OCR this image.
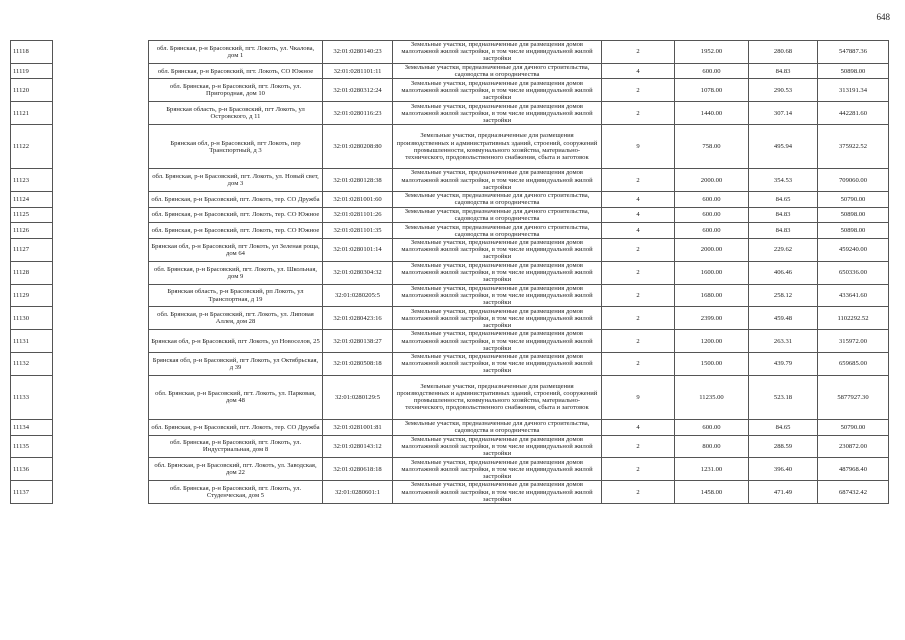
648
11118		обл. Брянская, р-н Брасовский, пгт. Локоть, ул. Чкалова, дом 1	32:01:0280140:23	Земельные участки, предназначенные для размещения домов малоэтажной жилой застройки, в том числе индивидуальной жилой застройки	2	1952.00	280.68	547887.36
11119		обл. Брянская, р-н Брасовский, пгт. Локоть, СО Южное	32:01:0281101:11	Земельные участки, предназначенные для дачного строительства, садоводства и огородничества	4	600.00	84.83	50898.00
11120		обл. Брянская, р-н Брасовский, пгт. Локоть, ул. Пригородная, дом 10	32:01:0280312:24	Земельные участки, предназначенные для размещения домов малоэтажной жилой застройки, в том числе индивидуальной жилой застройки	2	1078.00	290.53	313191.34
11121		Брянская область, р-н Брасовский, пгт Локоть, ул Островского, д 11	32:01:0280116:23	Земельные участки, предназначенные для размещения домов малоэтажной жилой застройки, в том числе индивидуальной жилой застройки	2	1440.00	307.14	442281.60
11122		Брянская обл, р-н Брасовский, пгт Локоть, пер Транспортный, д 3	32:01:0280208:80	Земельные участки, предназначенные для размещения производственных и административных зданий, строений, сооружений промышленности, коммунального хозяйства, материально-технического, продовольственного снабжения, сбыта и заготовок	9	758.00	495.94	375922.52
11123		обл. Брянская, р-н Брасовский, пгт. Локоть, ул. Новый свет, дом 3	32:01:0280128:38	Земельные участки, предназначенные для размещения домов малоэтажной жилой застройки, в том числе индивидуальной жилой застройки	2	2000.00	354.53	709060.00
11124		обл. Брянская, р-н Брасовский, пгт. Локоть, тер. СО Дружба	32:01:0281001:60	Земельные участки, предназначенные для дачного строительства, садоводства и огородничества	4	600.00	84.65	50790.00
11125		обл. Брянская, р-н Брасовский, пгт. Локоть, тер. СО Южное	32:01:0281101:26	Земельные участки, предназначенные для дачного строительства, садоводства и огородничества	4	600.00	84.83	50898.00
11126		обл. Брянская, р-н Брасовский, пгт. Локоть, тер. СО Южное	32:01:0281101:35	Земельные участки, предназначенные для дачного строительства, садоводства и огородничества	4	600.00	84.83	50898.00
11127		Брянская обл, р-н Брасовский, пгт Локоть, ул Зеленая роща, дом 64	32:01:0280101:14	Земельные участки, предназначенные для размещения домов малоэтажной жилой застройки, в том числе индивидуальной жилой застройки	2	2000.00	229.62	459240.00
11128		обл. Брянская, р-н Брасовский, пгт. Локоть, ул. Школьная, дом 9	32:01:0280304:32	Земельные участки, предназначенные для размещения домов малоэтажной жилой застройки, в том числе индивидуальной жилой застройки	2	1600.00	406.46	650336.00
11129		Брянская область, р-н Брасовский, рп Локоть, ул Транспортная, д 19	32:01:0280205:5	Земельные участки, предназначенные для размещения домов малоэтажной жилой застройки, в том числе индивидуальной жилой застройки	2	1680.00	258.12	433641.60
11130		обл. Брянская, р-н Брасовский, пгт. Локоть, ул. Липовая Аллея, дом 28	32:01:0280423:16	Земельные участки, предназначенные для размещения домов малоэтажной жилой застройки, в том числе индивидуальной жилой застройки	2	2399.00	459.48	1102292.52
11131		Брянская обл, р-н Брасовский, пгт Локоть, ул Новоселов, 25	32:01:0280138:27	Земельные участки, предназначенные для размещения домов малоэтажной жилой застройки, в том числе индивидуальной жилой застройки	2	1200.00	263.31	315972.00
11132		Брянская обл, р-н Брасовский, пгт Локоть, ул Октябрьская, д 39	32:01:0280508:18	Земельные участки, предназначенные для размещения домов малоэтажной жилой застройки, в том числе индивидуальной жилой застройки	2	1500.00	439.79	659685.00
11133		обл. Брянская, р-н Брасовский, пгт. Локоть, ул. Парковая, дом 48	32:01:0280129:5	Земельные участки, предназначенные для размещения производственных и административных зданий, строений, сооружений промышленности, коммунального хозяйства, материально-технического, продовольственного снабжения, сбыта и заготовок	9	11235.00	523.18	5877927.30
11134		обл. Брянская, р-н Брасовский, пгт. Локоть, тер. СО Дружба	32:01:0281001:81	Земельные участки, предназначенные для дачного строительства, садоводства и огородничества	4	600.00	84.65	50790.00
11135		обл. Брянская, р-н Брасовский, пгт. Локоть, ул. Индустриальная, дом 8	32:01:0280143:12	Земельные участки, предназначенные для размещения домов малоэтажной жилой застройки, в том числе индивидуальной жилой застройки	2	800.00	288.59	230872.00
11136		обл. Брянская, р-н Брасовский, пгт. Локоть, ул. Заводская, дом 22	32:01:0280618:18	Земельные участки, предназначенные для размещения домов малоэтажной жилой застройки, в том числе индивидуальной жилой застройки	2	1231.00	396.40	487968.40
11137		обл. Брянская, р-н Брасовский, пгт. Локоть, ул. Студенческая, дом 5	32:01:0280601:1	Земельные участки, предназначенные для размещения домов малоэтажной жилой застройки, в том числе индивидуальной жилой застройки	2	1458.00	471.49	687432.42
